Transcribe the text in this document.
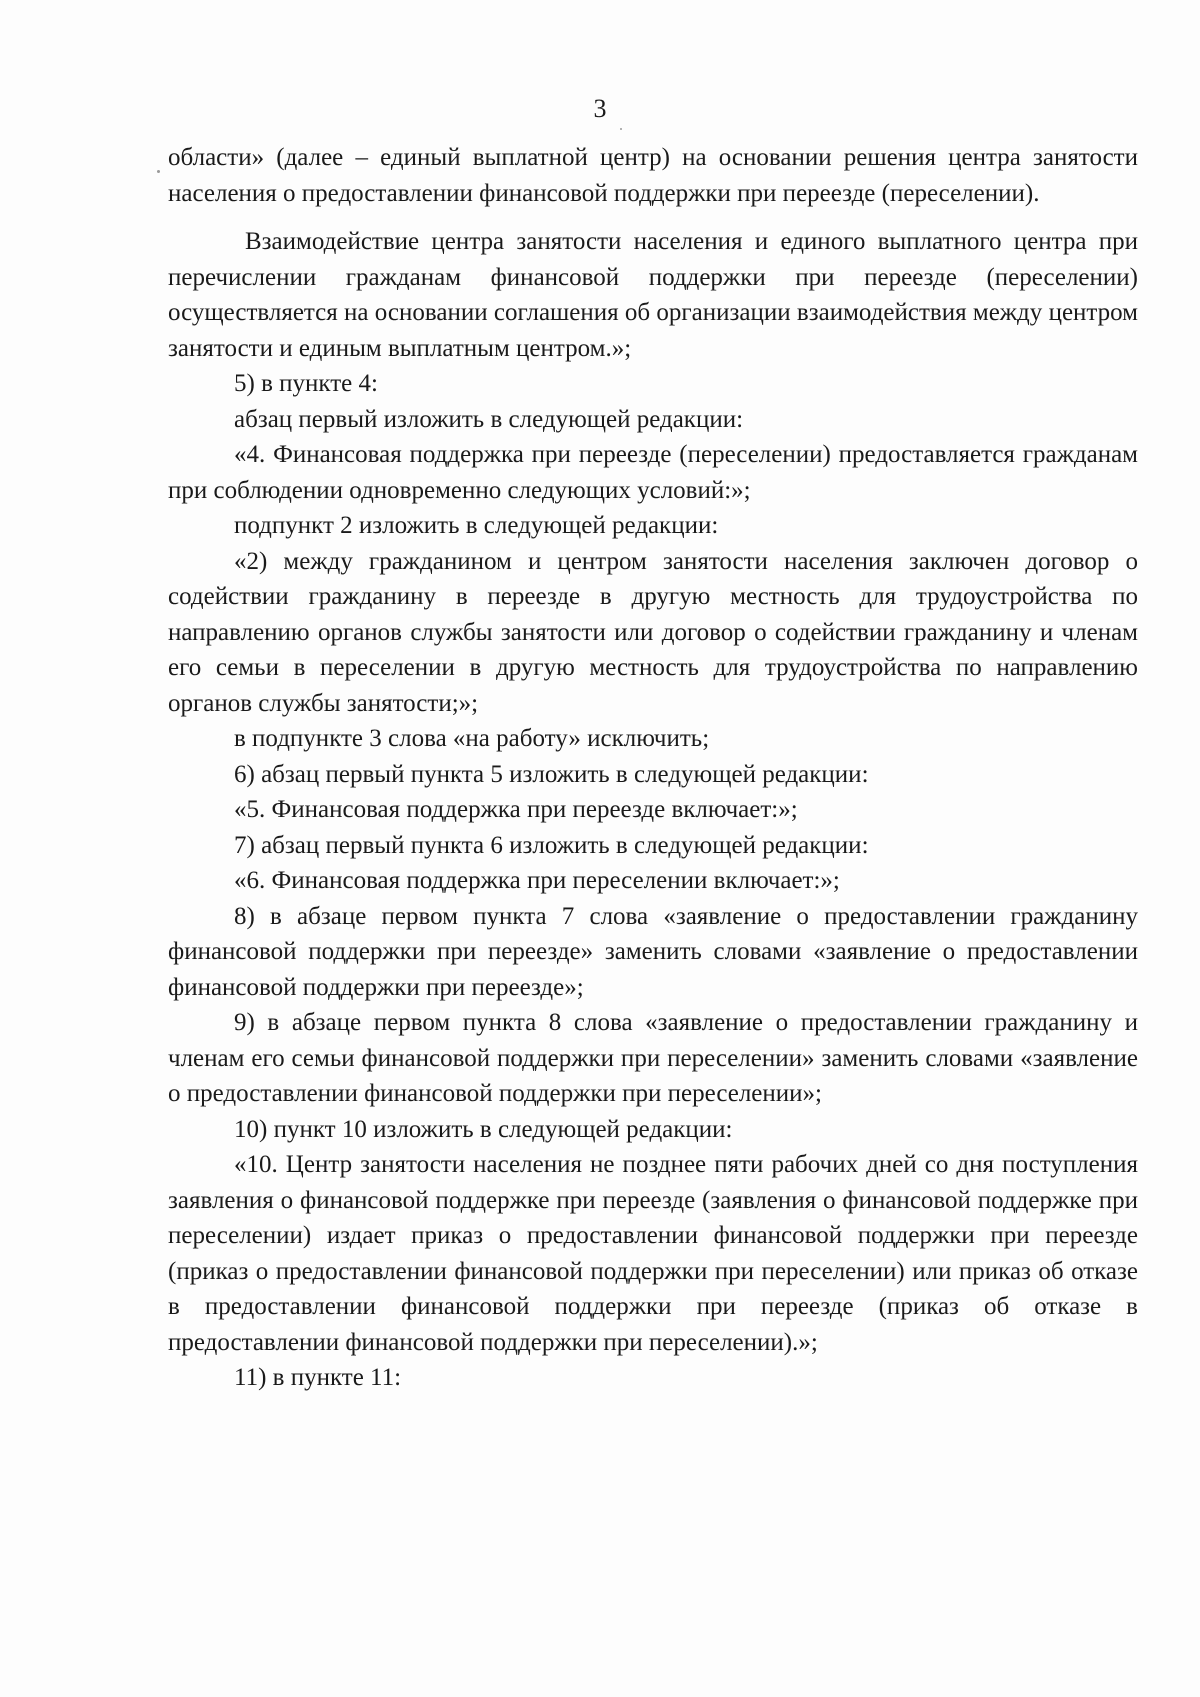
3

области» (далее – единый выплатной центр) на основании решения центра занятости населения о предоставлении финансовой поддержки при переезде (переселении).

Взаимодействие центра занятости населения и единого выплатного центра при перечислении гражданам финансовой поддержки при переезде (переселении) осуществляется на основании соглашения об организации взаимодействия между центром занятости и единым выплатным центром.»;

5) в пункте 4:

абзац первый изложить в следующей редакции:

«4. Финансовая поддержка при переезде (переселении) предоставляется гражданам при соблюдении одновременно следующих условий:»;

подпункт 2 изложить в следующей редакции:

«2) между гражданином и центром занятости населения заключен договор о содействии гражданину в переезде в другую местность для трудоустройства по направлению органов службы занятости или договор о содействии гражданину и членам его семьи в переселении в другую местность для трудоустройства по направлению органов службы занятости;»;

в подпункте 3 слова «на работу» исключить;

6) абзац первый пункта 5 изложить в следующей редакции:

«5. Финансовая поддержка при переезде включает:»;

7) абзац первый пункта 6 изложить в следующей редакции:

«6. Финансовая поддержка при переселении включает:»;

8) в абзаце первом пункта 7 слова «заявление о предоставлении гражданину финансовой поддержки при переезде» заменить словами «заявление о предоставлении финансовой поддержки при переезде»;

9) в абзаце первом пункта 8 слова «заявление о предоставлении гражданину и членам его семьи финансовой поддержки при переселении» заменить словами «заявление о предоставлении финансовой поддержки при переселении»;

10) пункт 10 изложить в следующей редакции:

«10. Центр занятости населения не позднее пяти рабочих дней со дня поступления заявления о финансовой поддержке при переезде (заявления о финансовой поддержке при переселении) издает приказ о предоставлении финансовой поддержки при переезде (приказ о предоставлении финансовой поддержки при переселении) или приказ об отказе в предоставлении финансовой поддержки при переезде (приказ об отказе в предоставлении финансовой поддержки при переселении).»;

11) в пункте 11:
